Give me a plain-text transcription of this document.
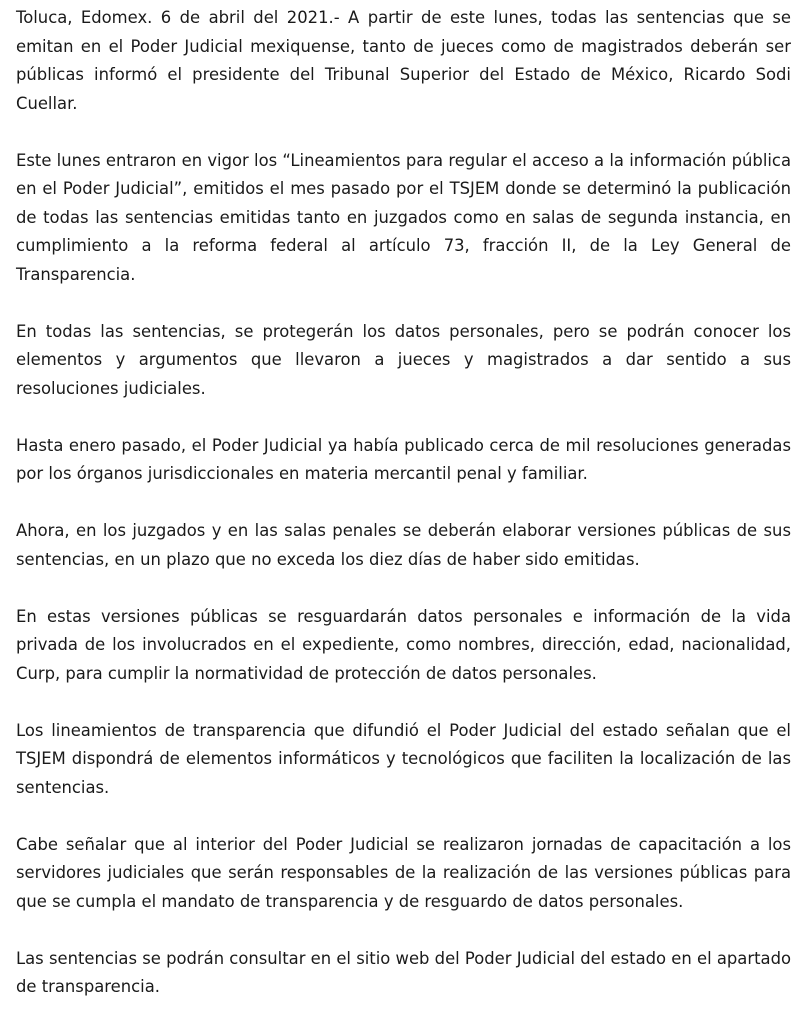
Toluca, Edomex. 6 de abril del 2021.- A partir de este lunes, todas las sentencias que se emitan en el Poder Judicial mexiquense, tanto de jueces como de magistrados deberán ser públicas informó el presidente del Tribunal Superior del Estado de México, Ricardo Sodi Cuellar.

Este lunes entraron en vigor los “Lineamientos para regular el acceso a la información pública en el Poder Judicial”, emitidos el mes pasado por el TSJEM donde se determinó la publicación de todas las sentencias emitidas tanto en juzgados como en salas de segunda instancia, en cumplimiento a la reforma federal al artículo 73, fracción II, de la Ley General de Transparencia.

En todas las sentencias, se protegerán los datos personales, pero se podrán conocer los elementos y argumentos que llevaron a jueces y magistrados a dar sentido a sus resoluciones judiciales.

Hasta enero pasado, el Poder Judicial ya había publicado cerca de mil resoluciones generadas por los órganos jurisdiccionales en materia mercantil penal y familiar.

Ahora, en los juzgados y en las salas penales se deberán elaborar versiones públicas de sus sentencias, en un plazo que no exceda los diez días de haber sido emitidas.

En estas versiones públicas se resguardarán datos personales e información de la vida privada de los involucrados en el expediente, como nombres, dirección, edad, nacionalidad, Curp, para cumplir la normatividad de protección de datos personales.

Los lineamientos de transparencia que difundió el Poder Judicial del estado señalan que el TSJEM dispondrá de elementos informáticos y tecnológicos que faciliten la localización de las sentencias.

Cabe señalar que al interior del Poder Judicial se realizaron jornadas de capacitación a los servidores judiciales que serán responsables de la realización de las versiones públicas para que se cumpla el mandato de transparencia y de resguardo de datos personales.

Las sentencias se podrán consultar en el sitio web del Poder Judicial del estado en el apartado de transparencia.
